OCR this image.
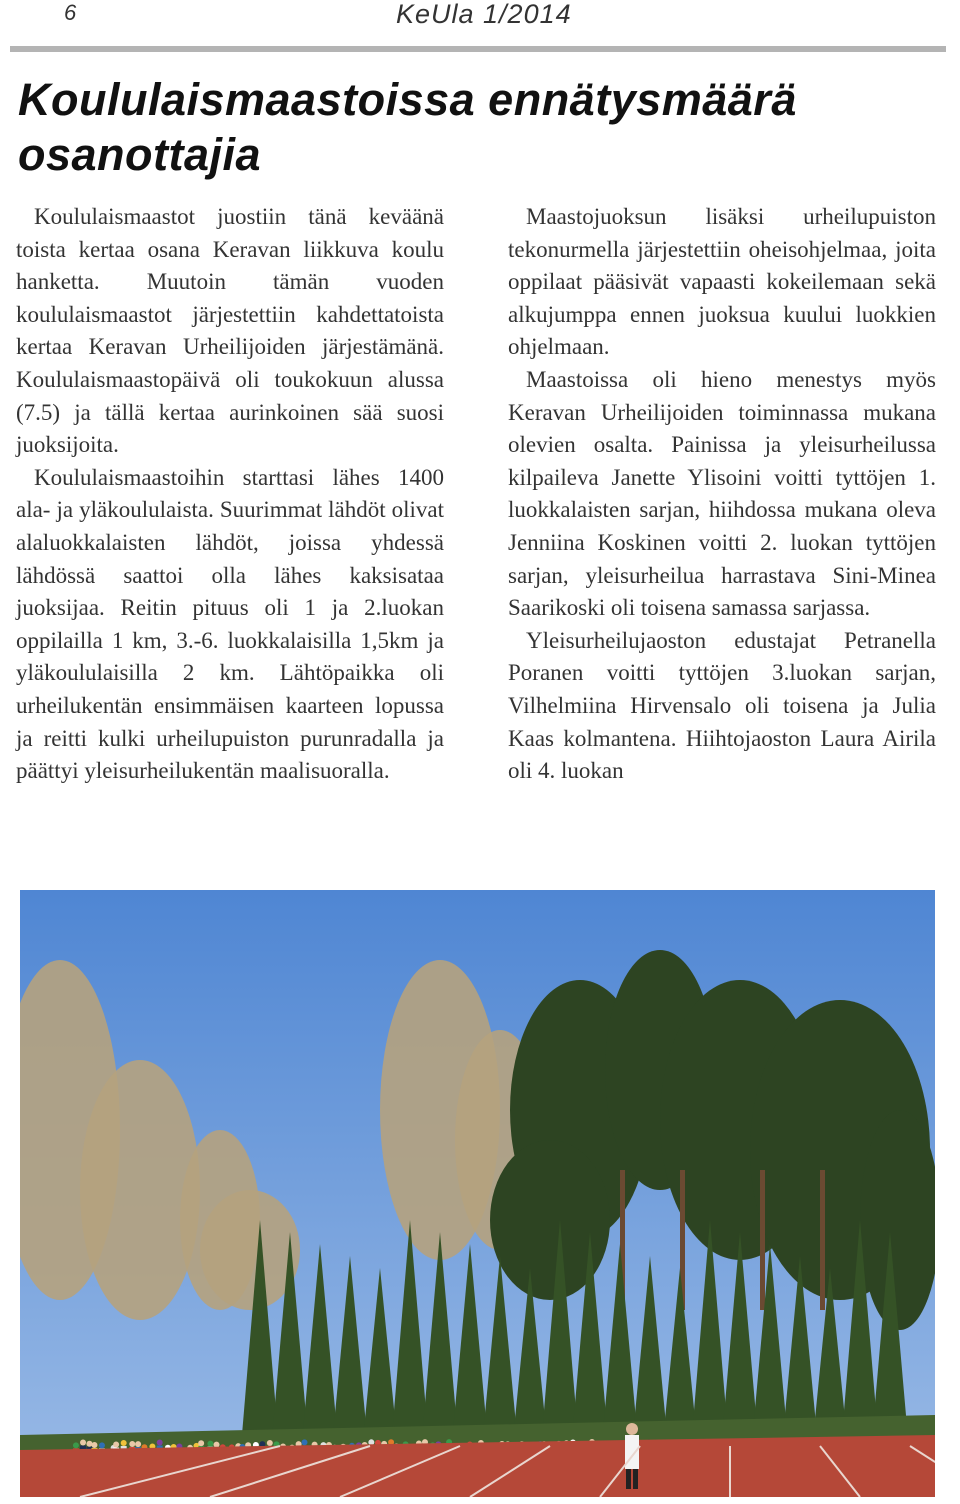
6	KeUla 1/2014
Koululaismaastoissa ennätysmäärä
osanottajia

Koululaismaastot juostiin tänä keväänä toista kertaa osana Keravan liikkuva koulu hanketta. Muutoin tämän vuoden koululaismaastot järjestettiin kahdettatoista kertaa Keravan Urheilijoiden järjestämänä. Koululaismaastopäivä oli toukokuun alussa (7.5) ja tällä kertaa aurinkoinen sää suosi juoksijoita.

Koululaismaastoihin starttasi lähes 1400 ala- ja yläkoululaista. Suurimmat lähdöt olivat alaluokkalaisten lähdöt, joissa yhdessä lähdössä saattoi olla lähes kaksisataa juoksijaa. Reitin pituus oli 1 ja 2.luokan oppilailla 1 km, 3.-6. luokkalaisilla 1,5km ja yläkoululaisilla 2 km. Lähtöpaikka oli urheilukentän ensimmäisen kaarteen lopussa ja reitti kulki urheilupuiston purunradalla ja päättyi yleisurheilukentän maalisuoralla.

Maastojuoksun lisäksi urheilupuiston tekonurmella järjestettiin oheisohjelmaa, joita oppilaat pääsivät vapaasti kokeilemaan sekä alkujumppa ennen juoksua kuului luokkien ohjelmaan.

Maastoissa oli hieno menestys myös Keravan Urheilijoiden toiminnassa mukana olevien osalta. Painissa ja yleisurheilussa kilpaileva Janette Ylisoini voitti tyttöjen 1. luokkalaisten sarjan, hiihdossa mukana oleva Jenniina Koskinen voitti 2. luokan tyttöjen sarjan, yleisurheilua harrastava Sini-Minea Saarikoski oli toisena samassa sarjassa.

Yleisurheilujaoston edustajat Petranella Poranen voitti tyttöjen 3.luokan sarjan, Vilhelmiina Hirvensalo oli toisena ja Julia Kaas kolmantena. Hiihtojaoston Laura Airila oli 4. luokan
